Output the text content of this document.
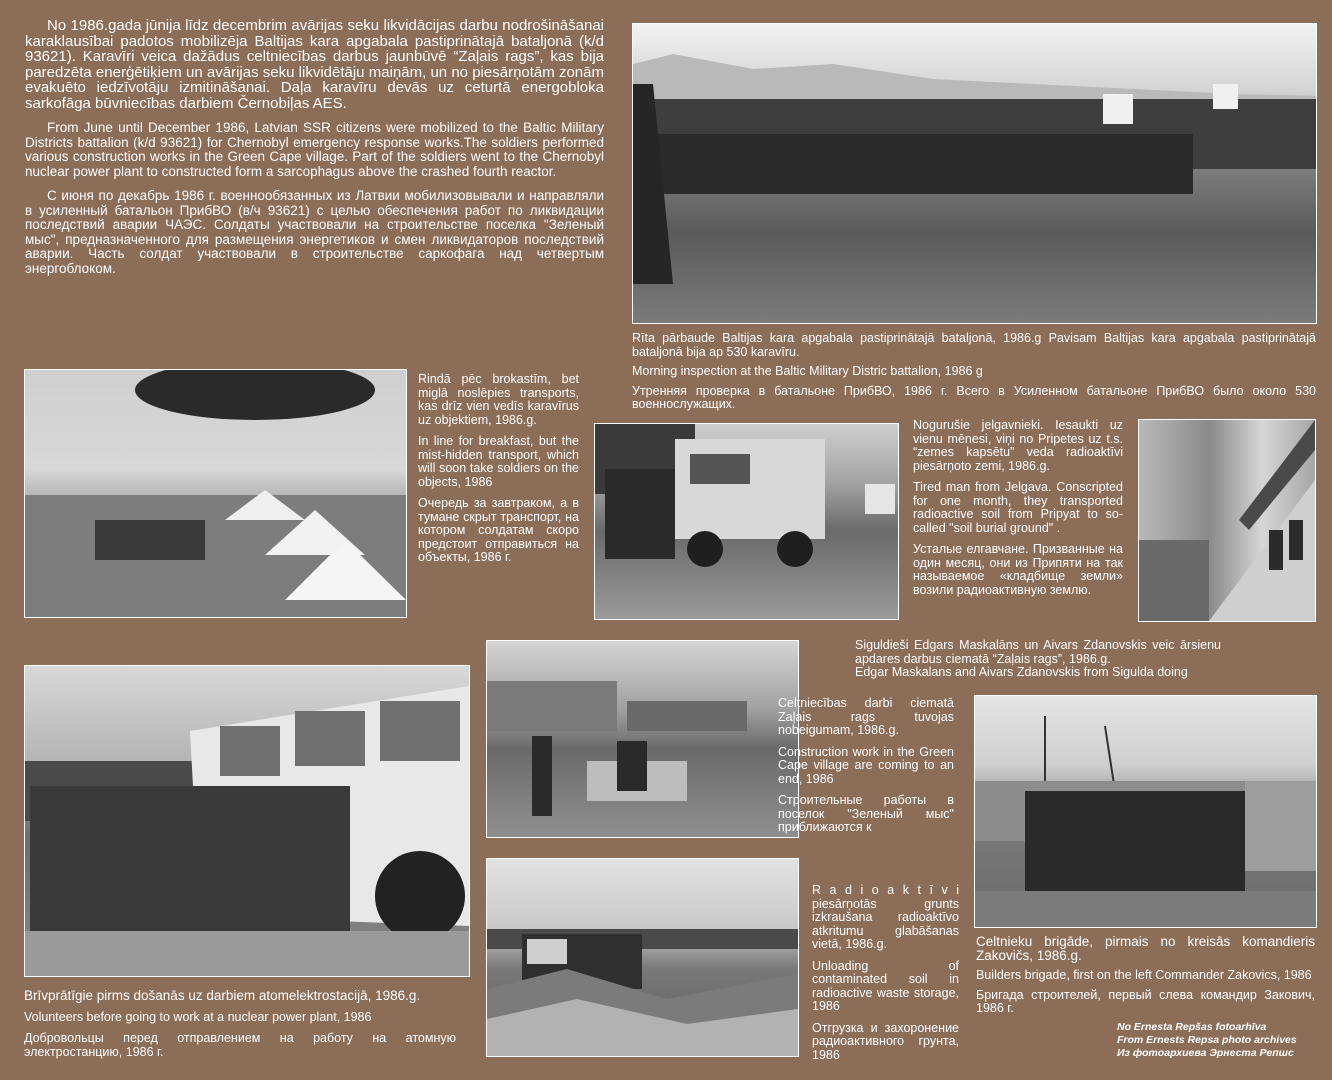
No 1986.gada jūnija līdz decembrim avārijas seku likvidācijas darbu nodrošināšanai karaklausībai padotos mobilizēja Baltijas kara apgabala pastiprinātajā bataljonā (k/d 93621). Karavīri veica dažādus celtniecības darbus jaunbūvē “Zaļais rags”, kas bija paredzēta enerģētiķiem un avārijas seku likvidētāju maiņām, un no piesārņotām zonām evakuēto iedzīvotāju izmitināšanai. Daļa karavīru devās uz ceturtā energobloka sarkofāga būvniecības darbiem Černobiļas AES.

From June until December 1986, Latvian SSR citizens were mobilized to the Baltic Military Districts battalion (k/d 93621) for Chernobyl emergency response works.The soldiers performed various construction works in the Green Cape village. Part of the soldiers went to the Chernobyl nuclear power plant to constructed form a sarcophagus above the crashed fourth reactor.

С июня по декабрь 1986 г. военнообязанных из Латвии мобилизовывали и направляли в усиленный батальон ПрибВО (в/ч 93621) с целью обеспечения работ по ликвидации последствий аварии ЧАЭС. Солдаты участвовали на строительстве поселка "Зеленый мыс", предназначенного для размещения энергетиков и смен ликвидаторов последствий аварии. Часть солдат участвовали в строительстве саркофага над четвертым энергоблоком.

Rīta pārbaude Baltijas kara apgabala pastiprinātajā bataljonā, 1986.g Pavisam Baltijas kara apgabala pastiprinātajā bataljonā bija ap 530 karavīru.

Morning inspection at the Baltic Military Distric battalion, 1986 g

Утренняя проверка в батальоне ПрибВО, 1986 г. Всего в Усиленном батальоне ПрибВО было около 530 военнослужащих.

Rindā pēc brokastīm, bet miglā noslēpies transports, kas drīz vien vedīs karavīrus uz objektiem, 1986.g.

In line for breakfast, but the mist-hidden transport, which will soon take soldiers on the objects, 1986

Очередь за завтраком, а в тумане скрыт транспорт, на котором солдатам скоро предстоит отправиться на объекты, 1986 г.

Nogurušie jelgavnieki. Iesaukti uz vienu mēnesi, viņi no Pripetes uz t.s. “zemes kapsētu” veda radioaktīvi piesārņoto zemi, 1986.g.

Tired man from Jelgava. Conscripted for one month, they transported radioactive soil from Pripyat to so-called "soil burial ground" .

Усталые елгавчане. Призванные на один месяц, они из Припяти на так называемое «кладбище земли» возили радиоактивную землю.

Siguldieši Edgars Maskalāns un Aivars Zdanovskis veic ārsienu apdares darbus ciematā “Zaļais rags”, 1986.g.

Edgar Maskalans and Aivars Zdanovskis from Sigulda doing

Brīvprātīgie pirms došanās uz darbiem atomelektrostacijā, 1986.g.

Volunteers before going to work at a nuclear power plant, 1986

Добровольцы перед отправлением на работу на атомную электростанцию, 1986 г.

Celtniecības darbi ciematā Zaļais rags tuvojas nobeigumam, 1986.g.

Construction work in the Green Cape village are coming to an end, 1986

Строительные работы в поселок "Зеленый мыс" приближаются к

R a d i o a k t ī v i piesārņotās grunts izkraušana radioaktīvo atkritumu glabāšanas vietā, 1986.g.

Unloading of contaminated soil in radioactive waste storage, 1986

Отгрузка и захоронение радиоактивного грунта, 1986

Celtnieku brigāde, pirmais no kreisās komandieris Zakovičs, 1986.g.

Builders brigade, first on the left Commander Zakovics, 1986

Бригада строителей, первый слева командир Закович, 1986 г.

No Ernesta Repšas fotoarhīva
From Ernests Repsa photo archives
Из фотоархиева Эрнеста Репшс
